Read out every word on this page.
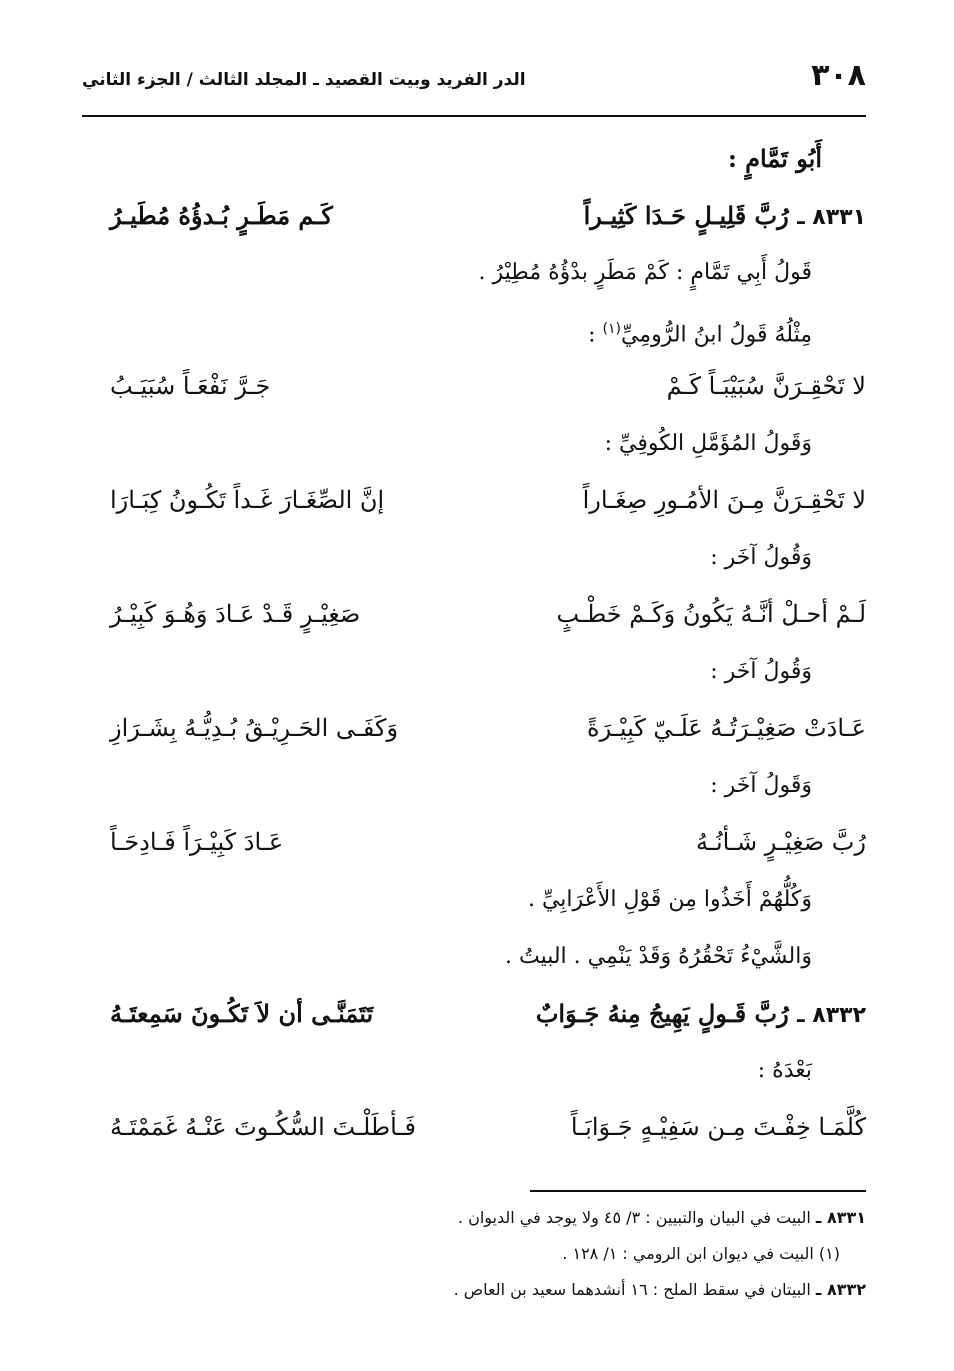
٣٠٨
الدر الفريد وبيت القصيد ـ المجلد الثالث / الجزء الثاني
أَبُو تَمَّامٍ :
٨٣٣١ ـ رُبَّ قَلِيـلٍ حَـدَا كَثِيـراً
كَـم مَطَـرٍ بُـدؤُهُ مُطَيـرُ
قَولُ أَبِي تَمَّامٍ : كَمْ مَطَرٍ بدْؤُهُ مُطِيْرُ .
مِثْلُهُ قَولُ ابنُ الرُّومِيِّ$^{(١)}$ :
لا تَحْقِـرَنَّ سُبَيْبَـاً كَـمْ
جَـرَّ نَفْعَـاً سُبَيَـبُ
وَقَولُ المُؤَمَّلِ الكُوفِيِّ :
لا تَحْقِـرَنَّ مِـنَ الأمُـورِ صِغَـاراً
إنَّ الصِّغَـارَ غَـداً تَكُـونُ كِبَـارَا
وَقُولُ آخَر :
لَـمْ أحـلْ أنَّـهُ يَكُونُ وَكَـمْ خَطْـبٍ
صَغِيْـرٍ قَـدْ عَـادَ وَهُـوَ كَبِيْـرُ
وَقُولُ آخَر :
عَـادَتْ صَغِيْـرَتُـهُ عَلَـيّ كَبِيْـرَةً
وَكَفَـى الحَـرِيْـقُ بُـدِيُّـهُ بِشَـرَازِ
وَقَولُ آخَر :
رُبَّ صَغِيْـرٍ شَـأنُـهُ
عَـادَ كَبِيْـرَاً فَـادِحَـاً
وَكُلُّهُمْ أَخَذُوا مِن قَوْلِ الأَعْرَابِيِّ .
وَالشَّيْءُ تَحْقُرُهُ وَقَدْ يَنْمِي . البيتُ .
٨٣٣٢ ـ رُبَّ قَـولٍ يَهِيجُ مِنهُ جَـوَابٌ
تَتَمَنَّـى أن لاَ تَكُـونَ سَمِعتَـهُ
بَعْدَهُ :
كُلَّمَـا خِفْـتَ مِـن سَفِيْـهٍ جَـوَابَـاً
فَـأطَلْـتَ السُّكُـوتَ عَنْـهُ غَمَمْتَـهُ
٨٣٣١ ـ البيت في البيان والتبيين : ٣/ ٤٥ ولا يوجد في الديوان .
(١) البيت في ديوان ابن الرومي : ١/ ١٢٨ .
٨٣٣٢ ـ البيتان في سقط الملح : ١٦ أنشدهما سعيد بن العاص .
